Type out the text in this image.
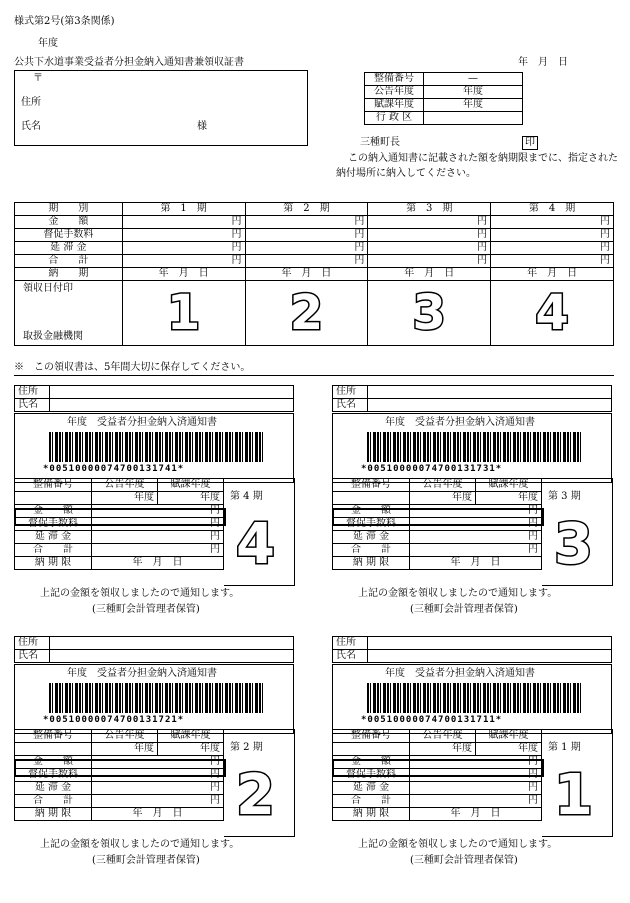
様式第2号(第3条関係)
年度
公共下水道事業受益者分担金納入通知書兼領収証書	年　月　日
〒
住所
氏名	様
整備番号	—
公告年度	年度
賦課年度	年度
行 政 区	
三種町長	印
この納入通知書に記載された額を納期限までに、指定された納付場所に納入してください。
期　　別	第　1　期	第　2　期	第　3　期	第　4　期
金　　額	円	円	円	円
督促手数料	円	円	円	円
延 滞 金	円	円	円	円
合　　計	円	円	円	円
納　　期	年　月　日	年　月　日	年　月　日	年　月　日

領収日付印
取扱金融機関	1	2	3	4
※　この領収書は、5年間大切に保存してください。
住所	
氏名	
年度　受益者分担金納入済通知書
*00510000074700131741*
整備番号	公告年度	賦課年度
	年度	年度
金　　額	円	
督促手数料	円	
延 滞 金	円	
合　　計	円	
納 期 限	年　月　日	
第 4 期
4
上記の金額を領収しましたので通知します。
(三種町会計管理者保管)
住所	
氏名	
年度　受益者分担金納入済通知書
*00510000074700131731*
整備番号	公告年度	賦課年度
	年度	年度
金　　額	円	
督促手数料	円	
延 滞 金	円	
合　　計	円	
納 期 限	年　月　日	
第 3 期
3
上記の金額を領収しましたので通知します。
(三種町会計管理者保管)
住所	
氏名	
年度　受益者分担金納入済通知書
*00510000074700131721*
整備番号	公告年度	賦課年度
	年度	年度
金　　額	円	
督促手数料	円	
延 滞 金	円	
合　　計	円	
納 期 限	年　月　日	
第 2 期
2
上記の金額を領収しましたので通知します。
(三種町会計管理者保管)
住所	
氏名	
年度　受益者分担金納入済通知書
*00510000074700131711*
整備番号	公告年度	賦課年度
	年度	年度
金　　額	円	
督促手数料	円	
延 滞 金	円	
合　　計	円	
納 期 限	年　月　日	
第 1 期
1
上記の金額を領収しましたので通知します。
(三種町会計管理者保管)
